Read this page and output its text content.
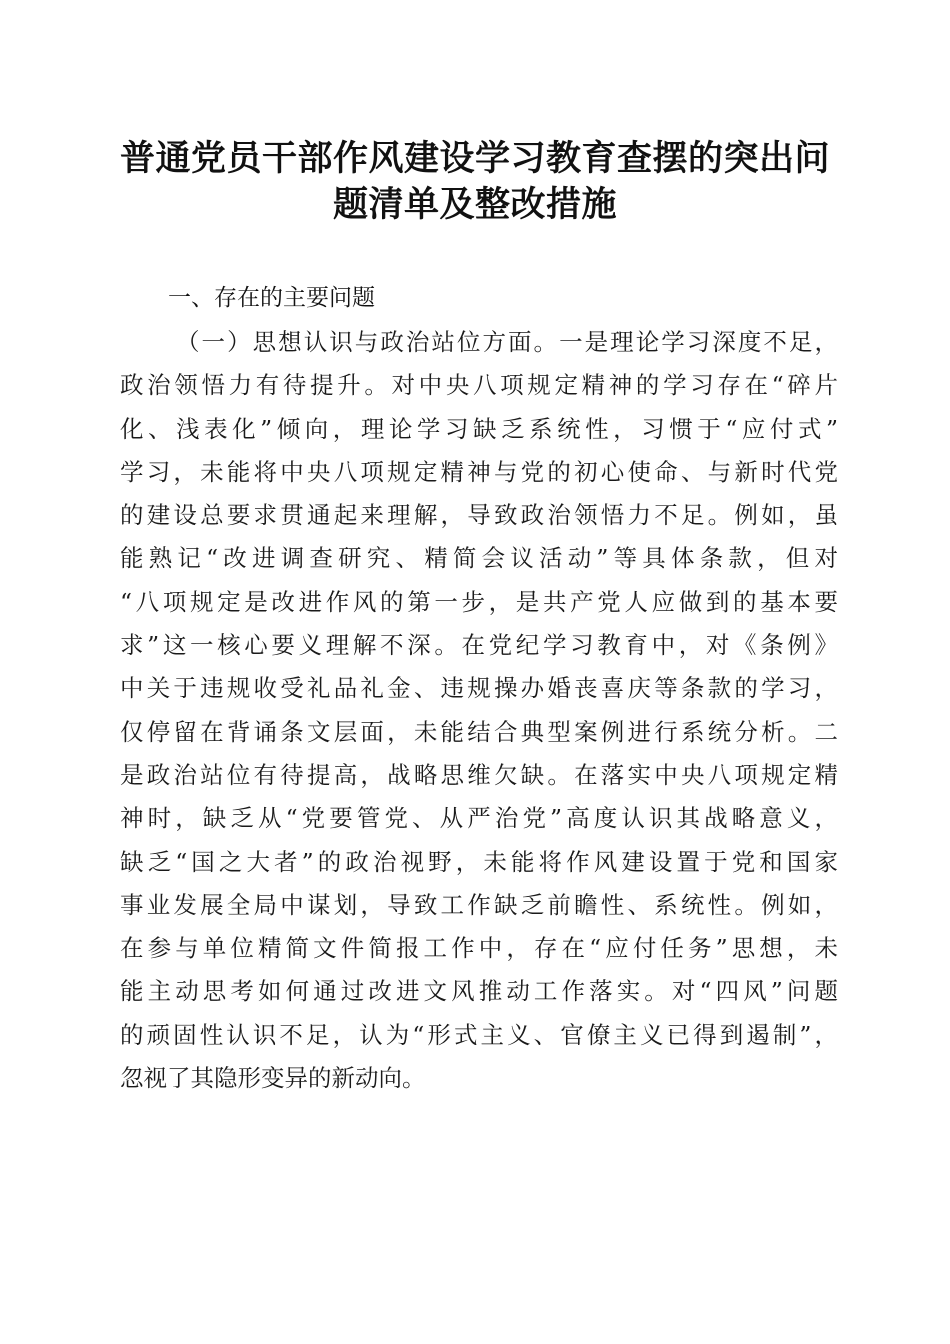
普通党员干部作风建设学习教育查摆的突出问
题清单及整改措施
一、存在的主要问题
（一）思想认识与政治站位方面。一是理论学习深度不足，
政治领悟力有待提升。对中央八项规定精神的学习存在“碎片
化、浅表化”倾向，理论学习缺乏系统性，习惯于“应付式”
学习，未能将中央八项规定精神与党的初心使命、与新时代党
的建设总要求贯通起来理解，导致政治领悟力不足。例如，虽
能熟记“改进调查研究、精简会议活动”等具体条款，但对
“八项规定是改进作风的第一步，是共产党人应做到的基本要
求”这一核心要义理解不深。在党纪学习教育中，对《条例》
中关于违规收受礼品礼金、违规操办婚丧喜庆等条款的学习，
仅停留在背诵条文层面，未能结合典型案例进行系统分析。二
是政治站位有待提高，战略思维欠缺。在落实中央八项规定精
神时，缺乏从“党要管党、从严治党”高度认识其战略意义，
缺乏“国之大者”的政治视野，未能将作风建设置于党和国家
事业发展全局中谋划，导致工作缺乏前瞻性、系统性。例如，
在参与单位精简文件简报工作中，存在“应付任务”思想，未
能主动思考如何通过改进文风推动工作落实。对“四风”问题
的顽固性认识不足，认为“形式主义、官僚主义已得到遏制”，
忽视了其隐形变异的新动向。
